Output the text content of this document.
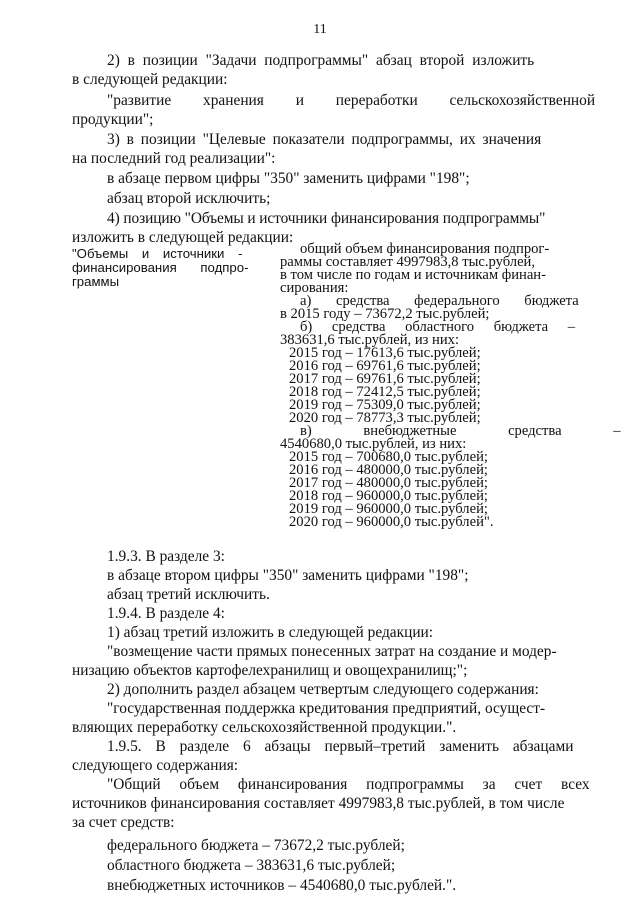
11
2) в позиции "Задачи подпрограммы" абзац второй изложить
в следующей редакции:
"развитие хранения и переработки сельскохозяйственной
продукции";
3) в позиции "Целевые показатели подпрограммы, их значения
на последний год реализации":
в абзаце первом цифры "350" заменить цифрами "198";
абзац второй исключить;
4) позицию "Объемы и источники финансирования подпрограммы"
изложить в следующей редакции:
"Объемы и источники -
финансирования подпро-
граммы
общий объем финансирования подпрог-
раммы составляет 4997983,8 тыс.рублей,
в том числе по годам и источникам финан-
сирования:
а) средства федерального бюджета
в 2015 году – 73672,2 тыс.рублей;
б) средства областного бюджета –
383631,6 тыс.рублей, из них:
2015 год – 17613,6 тыс.рублей;
2016 год – 69761,6 тыс.рублей;
2017 год – 69761,6 тыс.рублей;
2018 год – 72412,5 тыс.рублей;
2019 год – 75309,0 тыс.рублей;
2020 год – 78773,3 тыс.рублей;
в) внебюджетные средства –
4540680,0 тыс.рублей, из них:
2015 год – 700680,0 тыс.рублей;
2016 год – 480000,0 тыс.рублей;
2017 год – 480000,0 тыс.рублей;
2018 год – 960000,0 тыс.рублей;
2019 год – 960000,0 тыс.рублей;
2020 год – 960000,0 тыс.рублей".
1.9.3. В разделе 3:
в абзаце втором цифры "350" заменить цифрами "198";
абзац третий исключить.
1.9.4. В разделе 4:
1) абзац третий изложить в следующей редакции:
"возмещение части прямых понесенных затрат на создание и модер-
низацию объектов картофелехранилищ и овощехранилищ;";
2) дополнить раздел абзацем четвертым следующего содержания:
"государственная поддержка кредитования предприятий, осущест-
вляющих переработку сельскохозяйственной продукции.".
1.9.5. В разделе 6 абзацы первый–третий заменить абзацами
следующего содержания:
"Общий объем финансирования подпрограммы за счет всех
источников финансирования составляет 4997983,8 тыс.рублей, в том числе
за счет средств:
федерального бюджета – 73672,2 тыс.рублей;
областного бюджета – 383631,6 тыс.рублей;
внебюджетных источников – 4540680,0 тыс.рублей.".
